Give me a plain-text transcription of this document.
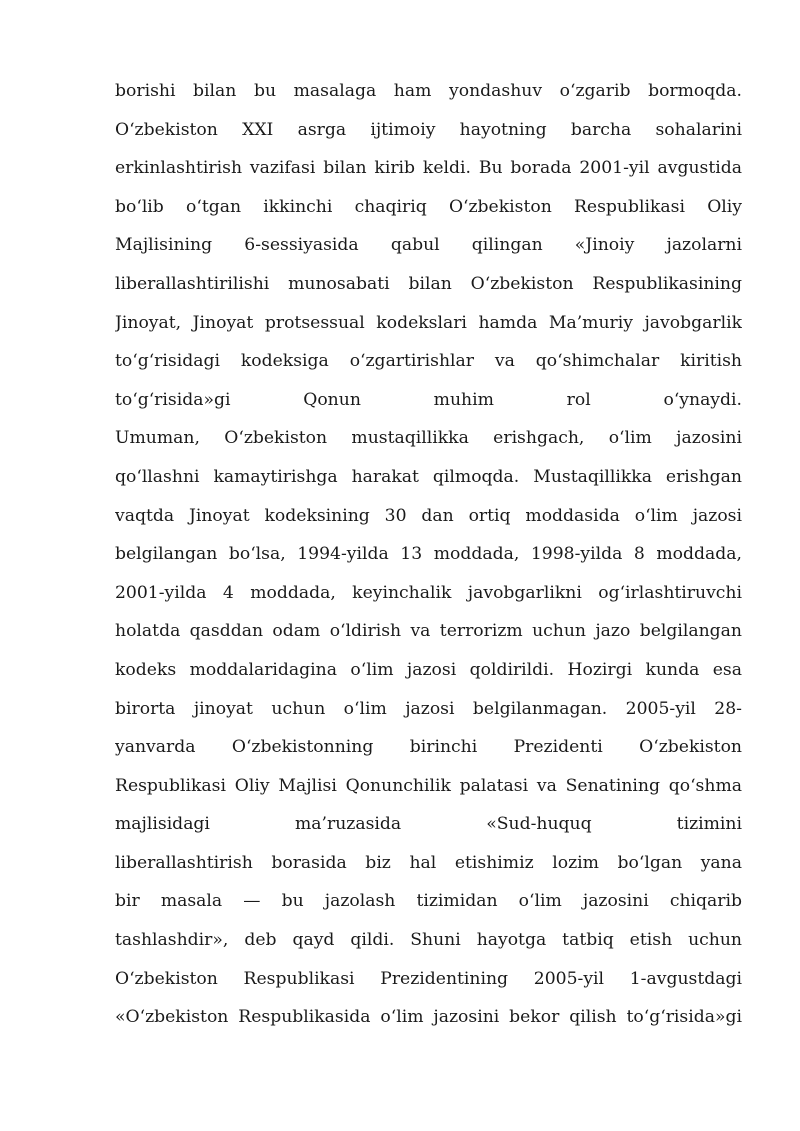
borishi bilan bu masalaga ham yondashuv o‘zgarib bormoqda.
O‘zbekiston XXI asrga ijtimoiy hayotning barcha sohalarini
erkinlashtirish vazifasi bilan kirib keldi. Bu borada 2001-yil avgustida
bo‘lib o‘tgan ikkinchi chaqiriq O‘zbekiston Respublikasi Oliy
Majlisining 6-sessiyasida qabul qilingan «Jinoiy jazolarni
liberallashtirilishi munosabati bilan O‘zbekiston Respublikasining
Jinoyat, Jinoyat protsessual kodekslari hamda Ma’muriy javobgarlik
to‘g‘risidagi kodeksiga o‘zgartirishlar va qo‘shimchalar kiritish
to‘g‘risida»gi Qonun muhim rol o‘ynaydi.
Umuman, O‘zbekiston mustaqillikka erishgach, o‘lim jazosini
qo‘llashni kamaytirishga harakat qilmoqda. Mustaqillikka erishgan
vaqtda Jinoyat kodeksining 30 dan ortiq moddasida o‘lim jazosi
belgilangan bo‘lsa, 1994-yilda 13 moddada, 1998-yilda 8 moddada,
2001-yilda 4 moddada, keyinchalik javobgarlikni og‘irlashtiruvchi
holatda qasddan odam o‘ldirish va terrorizm uchun jazo belgilangan
kodeks moddalaridagina o‘lim jazosi qoldirildi. Hozirgi kunda esa
birorta jinoyat uchun o‘lim jazosi belgilanmagan. 2005-yil 28-
yanvarda O‘zbekistonning birinchi Prezidenti O‘zbekiston
Respublikasi Oliy Majlisi Qonunchilik palatasi va Senatining qo‘shma
majlisidagi ma’ruzasida «Sud-huquq tizimini
liberallashtirish borasida biz hal etishimiz lozim bo‘lgan yana
bir masala — bu jazolash tizimidan o‘lim jazosini chiqarib
tashlashdir», deb qayd qildi. Shuni hayotga tatbiq etish uchun
O‘zbekiston Respublikasi Prezidentining 2005-yil 1-avgustdagi
«O‘zbekiston Respublikasida o‘lim jazosini bekor qilish to‘g‘risida»gi
